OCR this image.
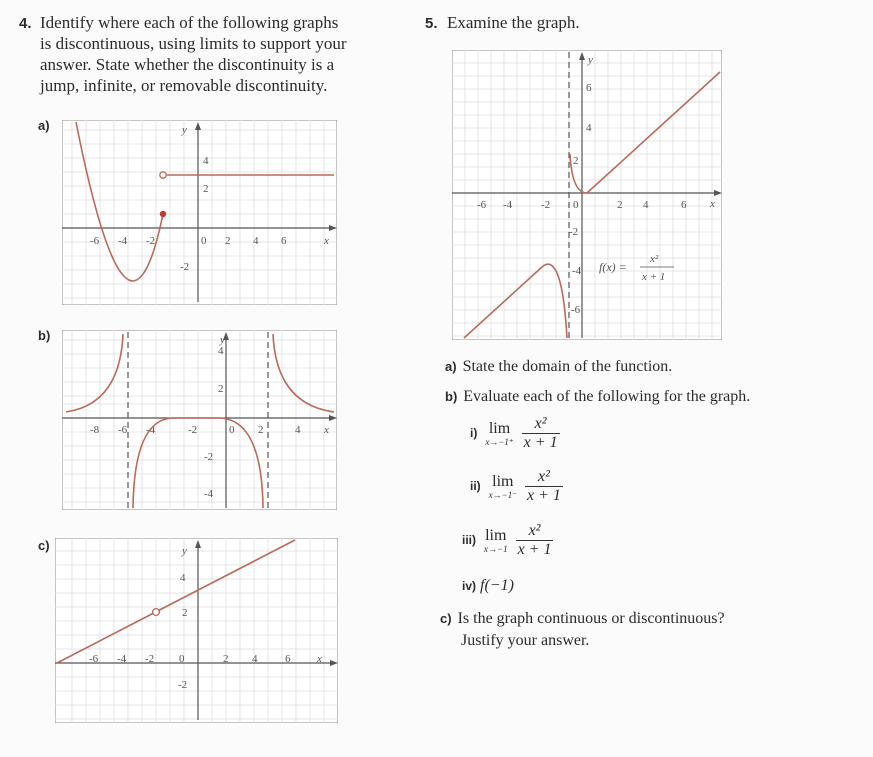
4. Identify where each of the following graphs
is discontinuous, using limits to support your
answer. State whether the discontinuity is a
jump, infinite, or removable discontinuity.
a)	y
x
-6 -4 -2	0 2 4 6
4
2
-2
b)	y
x
-8 -6 -4	-2	0 2	4
4
2
-2
-4
c)	y
x
-6 -4 -2 0	2 4	6
4
2
-2
5. Examine the graph.
y
x
-6 -4	-2 0	2 4	6
6
4
2
-2
-4
-6
f(x) =
x²
x + 1
a) State the domain of the function.
b) Evaluate each of the following for the graph.
i) lim
x→−1⁺
$\frac{\text{x²}}{x + 1}$
ii) lim
x→−1⁻
$\frac{\text{x²}}{x + 1}$
iii) lim
x→−1
$\frac{\text{x²}}{x + 1}$
iv) f(−1)
c) Is the graph continuous or discontinuous?
Justify your answer.
